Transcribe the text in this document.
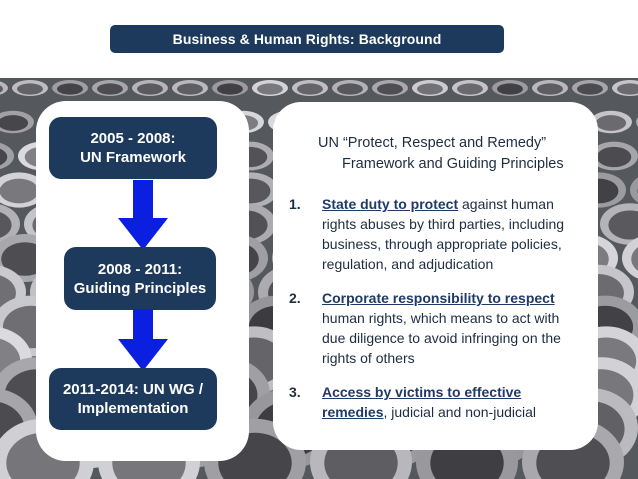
Business & Human Rights: Background
2005 - 2008:
UN Framework
2008 - 2011:
Guiding Principles
2011-2014: UN WG /
Implementation
UN “Protect, Respect and Remedy”
Framework and Guiding Principles
1. State duty to protect against human rights abuses by third parties, including business, through appropriate policies, regulation, and adjudication
2. Corporate responsibility to respect human rights, which means to act with due diligence to avoid infringing on the rights of others
3. Access by victims to effective remedies, judicial and non-judicial
